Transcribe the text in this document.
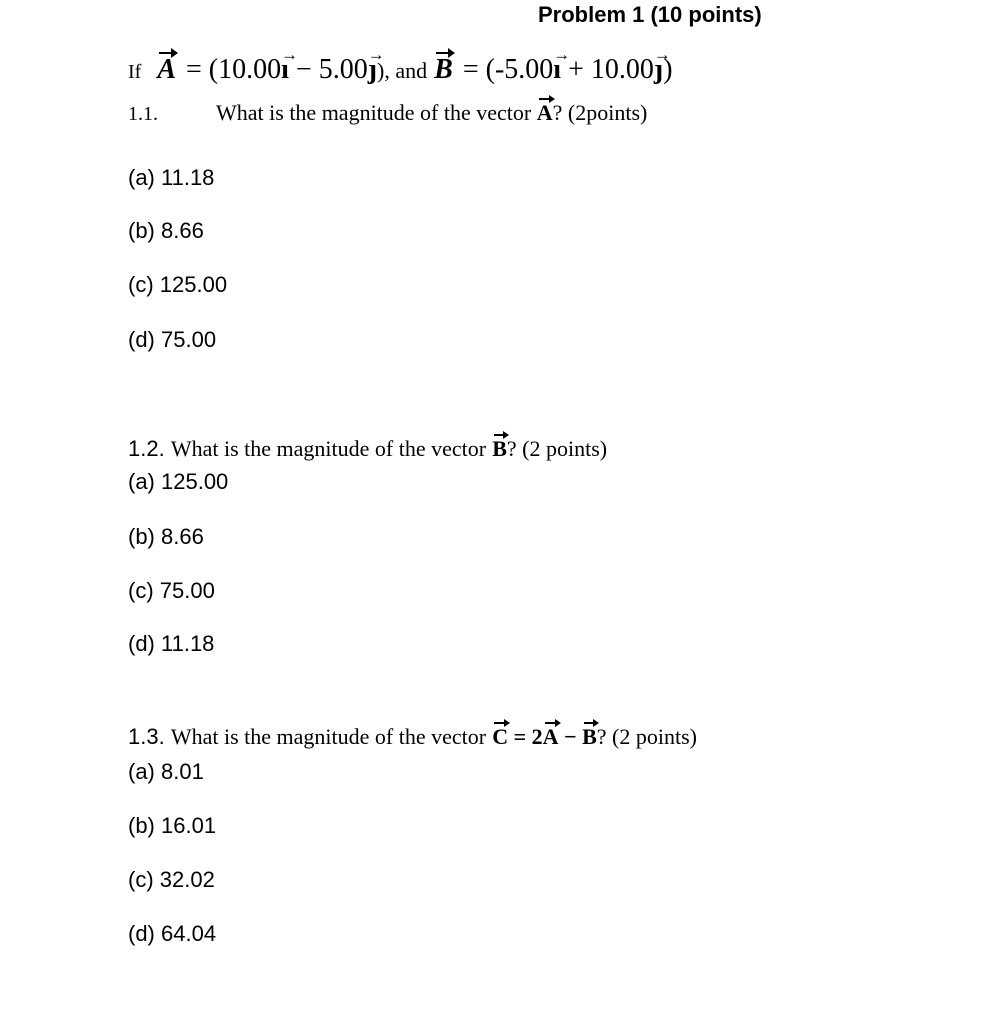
Problem 1 (10 points)
If A = (10.00ı → − 5.00ȷ →), and B = (-5.00ı → + 10.00ȷ →)
1.1.	What is the magnitude of the vector A? (2points)
(a) 11.18
(b) 8.66
(c) 125.00
(d) 75.00
1.2. What is the magnitude of the vector B? (2 points)
(a) 125.00
(b) 8.66
(c) 75.00
(d) 11.18
1.3. What is the magnitude of the vector C = 2A − B? (2 points)
(a) 8.01
(b) 16.01
(c) 32.02
(d) 64.04
